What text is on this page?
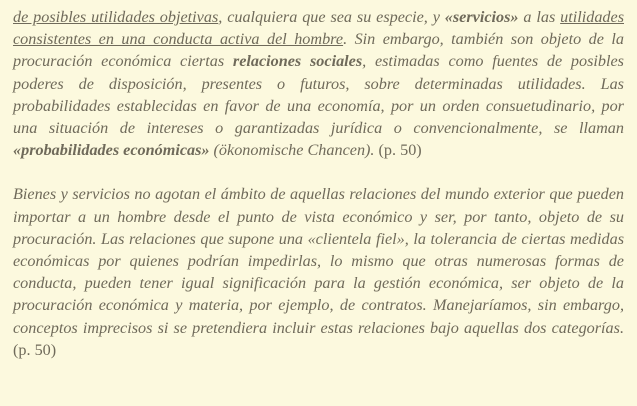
de posibles utilidades objetivas, cualquiera que sea su especie, y «servicios» a las utilidades consistentes en una conducta activa del hombre. Sin embargo, también son objeto de la procuración económica ciertas relaciones sociales, estimadas como fuentes de posibles poderes de disposición, presentes o futuros, sobre determinadas utilidades. Las probabilidades establecidas en favor de una economía, por un orden consuetudinario, por una situación de intereses o garantizadas jurídica o convencionalmente, se llaman «probabilidades económicas» (ökonomische Chancen). (p. 50)

Bienes y servicios no agotan el ámbito de aquellas relaciones del mundo exterior que pueden importar a un hombre desde el punto de vista económico y ser, por tanto, objeto de su procuración. Las relaciones que supone una «clientela fiel», la tolerancia de ciertas medidas económicas por quienes podrían impedirlas, lo mismo que otras numerosas formas de conducta, pueden tener igual significación para la gestión económica, ser objeto de la procuración económica y materia, por ejemplo, de contratos. Manejaríamos, sin embargo, conceptos imprecisos si se pretendiera incluir estas relaciones bajo aquellas dos categorías. (p. 50)
